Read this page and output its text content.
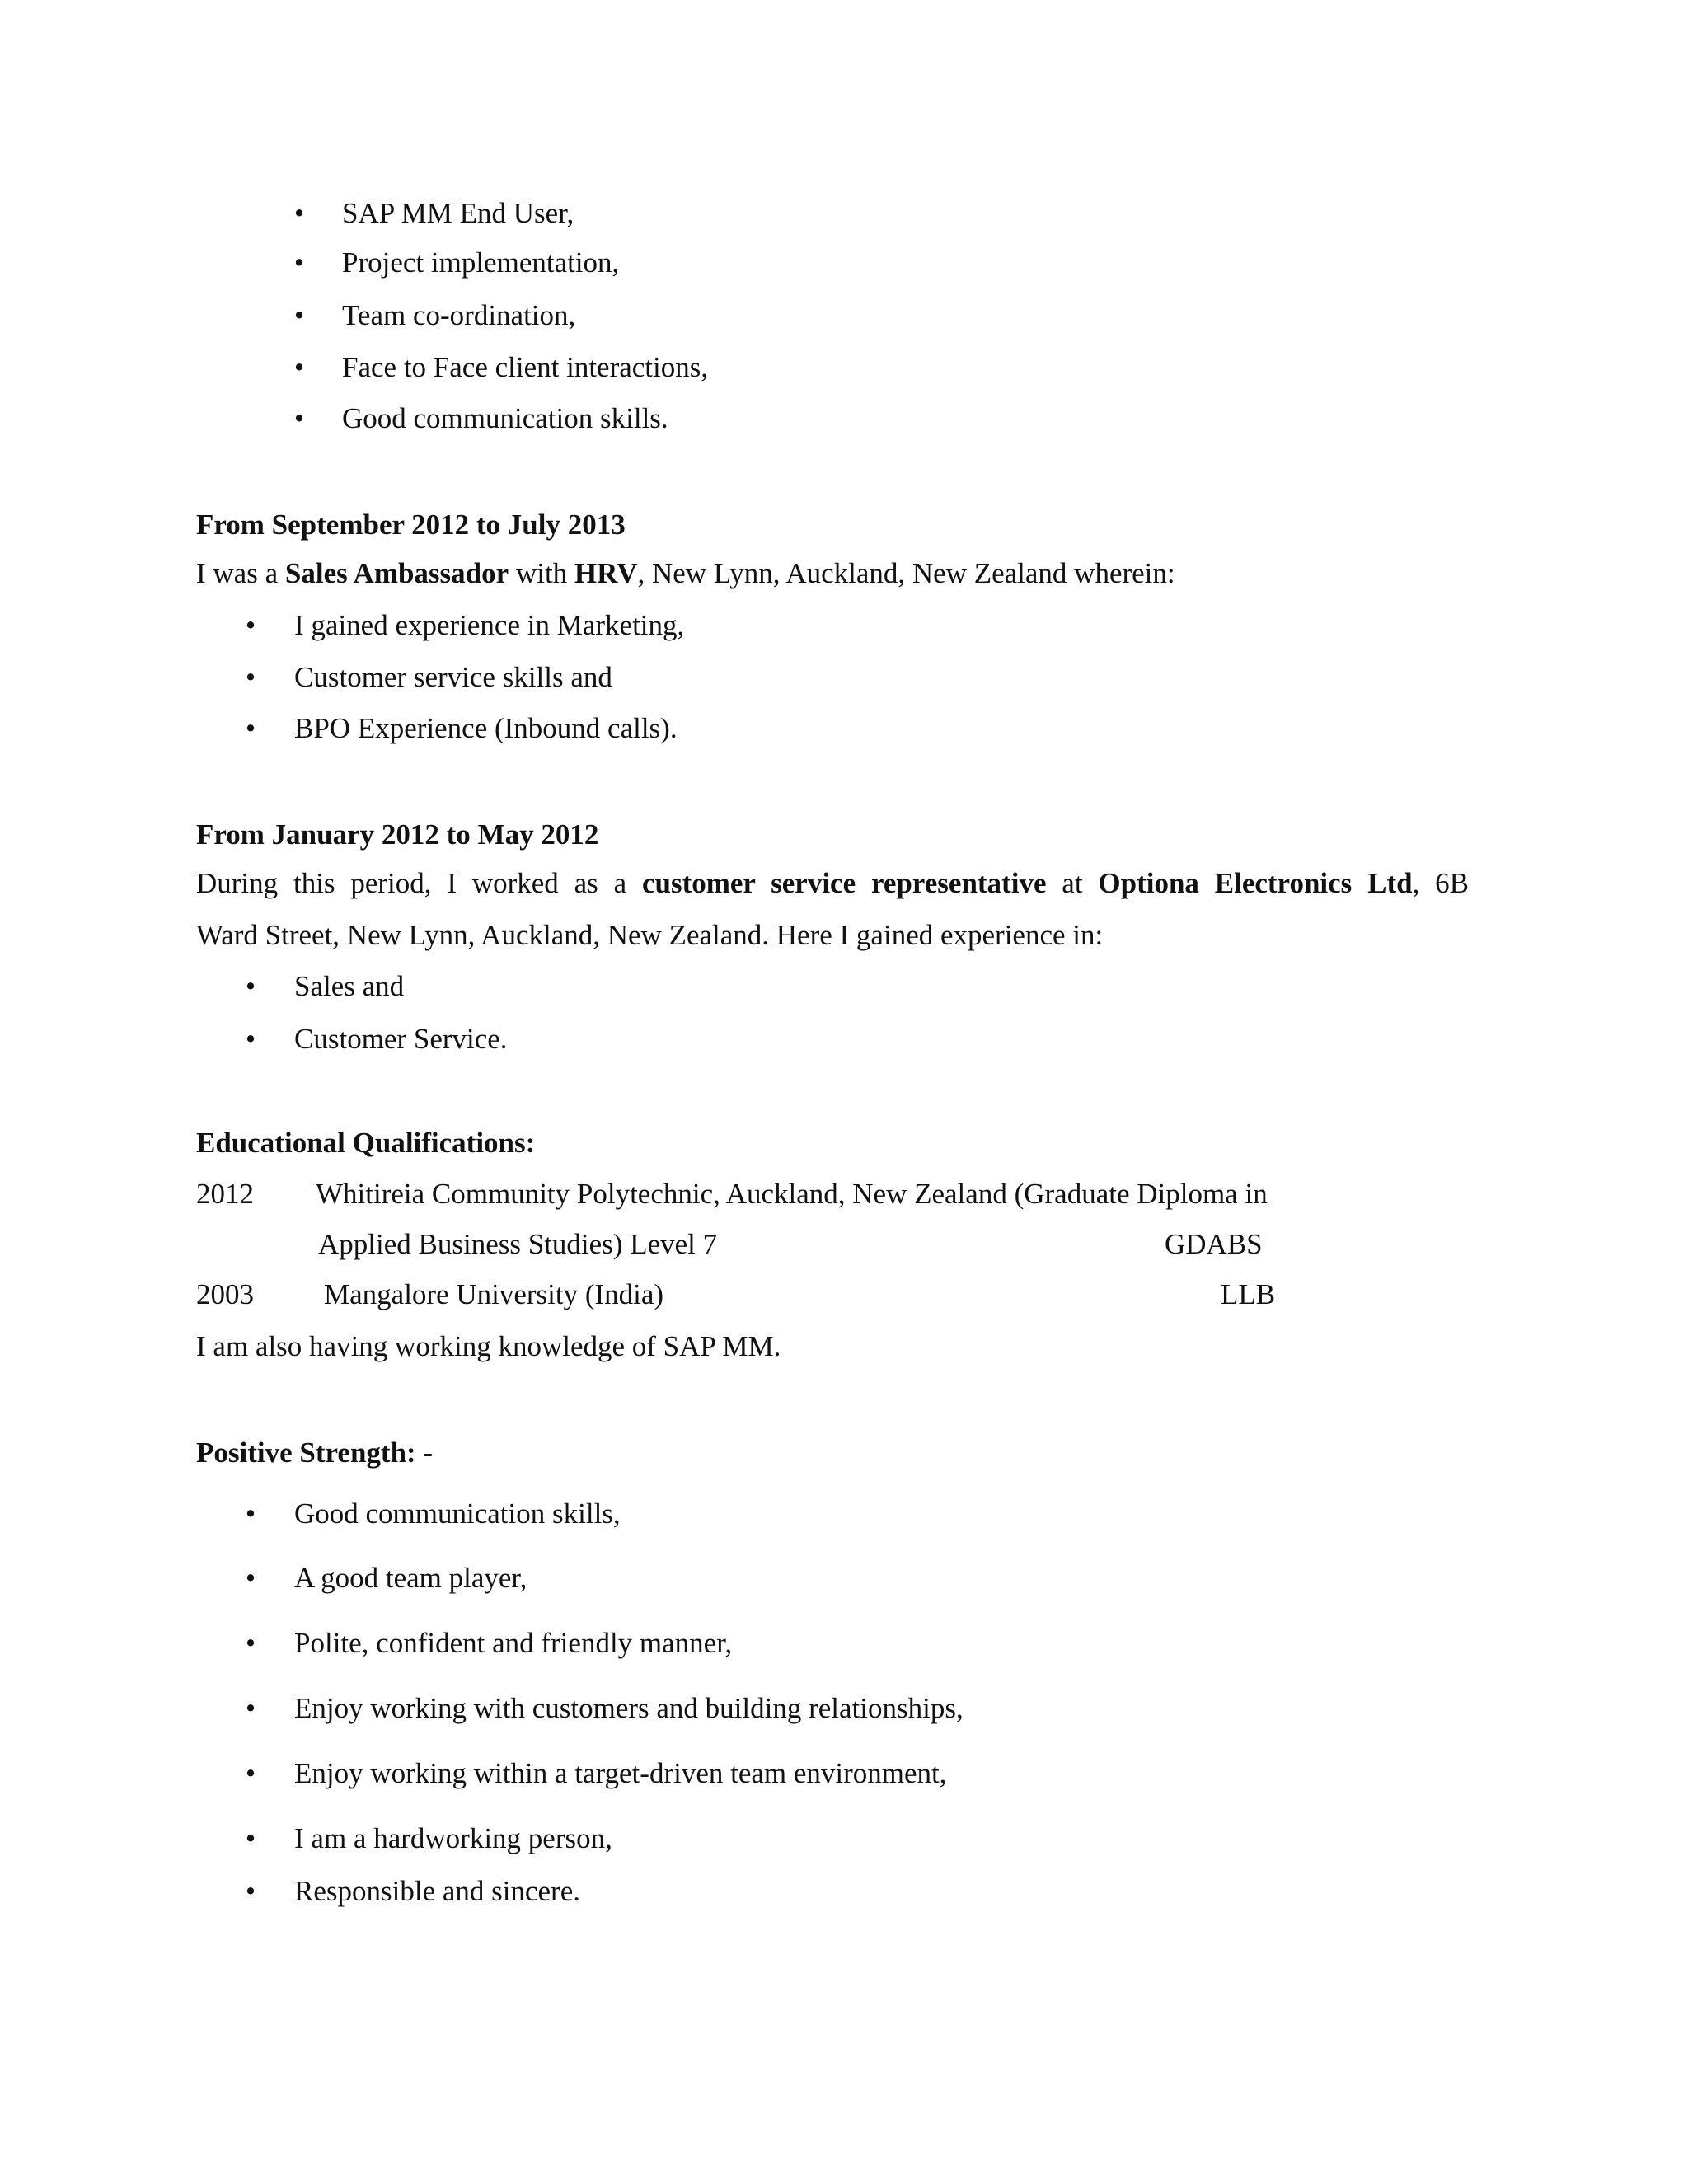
• SAP MM End User,
• Project implementation,
• Team co-ordination,
• Face to Face client interactions,
• Good communication skills.
From September 2012 to July 2013
I was a Sales Ambassador with HRV, New Lynn, Auckland, New Zealand wherein:
• I gained experience in Marketing,
• Customer service skills and
• BPO Experience (Inbound calls).
From January 2012 to May 2012
During this period, I worked as a customer service representative at Optiona Electronics Ltd, 6B
Ward Street, New Lynn, Auckland, New Zealand. Here I gained experience in:
• Sales and
• Customer Service.
Educational Qualifications:
2012 Whitireia Community Polytechnic, Auckland, New Zealand (Graduate Diploma in
Applied Business Studies) Level 7	GDABS
2003 Mangalore University (India)	LLB
I am also having working knowledge of SAP MM.
Positive Strength: -
• Good communication skills,
• A good team player,
• Polite, confident and friendly manner,
• Enjoy working with customers and building relationships,
• Enjoy working within a target-driven team environment,
• I am a hardworking person,
• Responsible and sincere.
